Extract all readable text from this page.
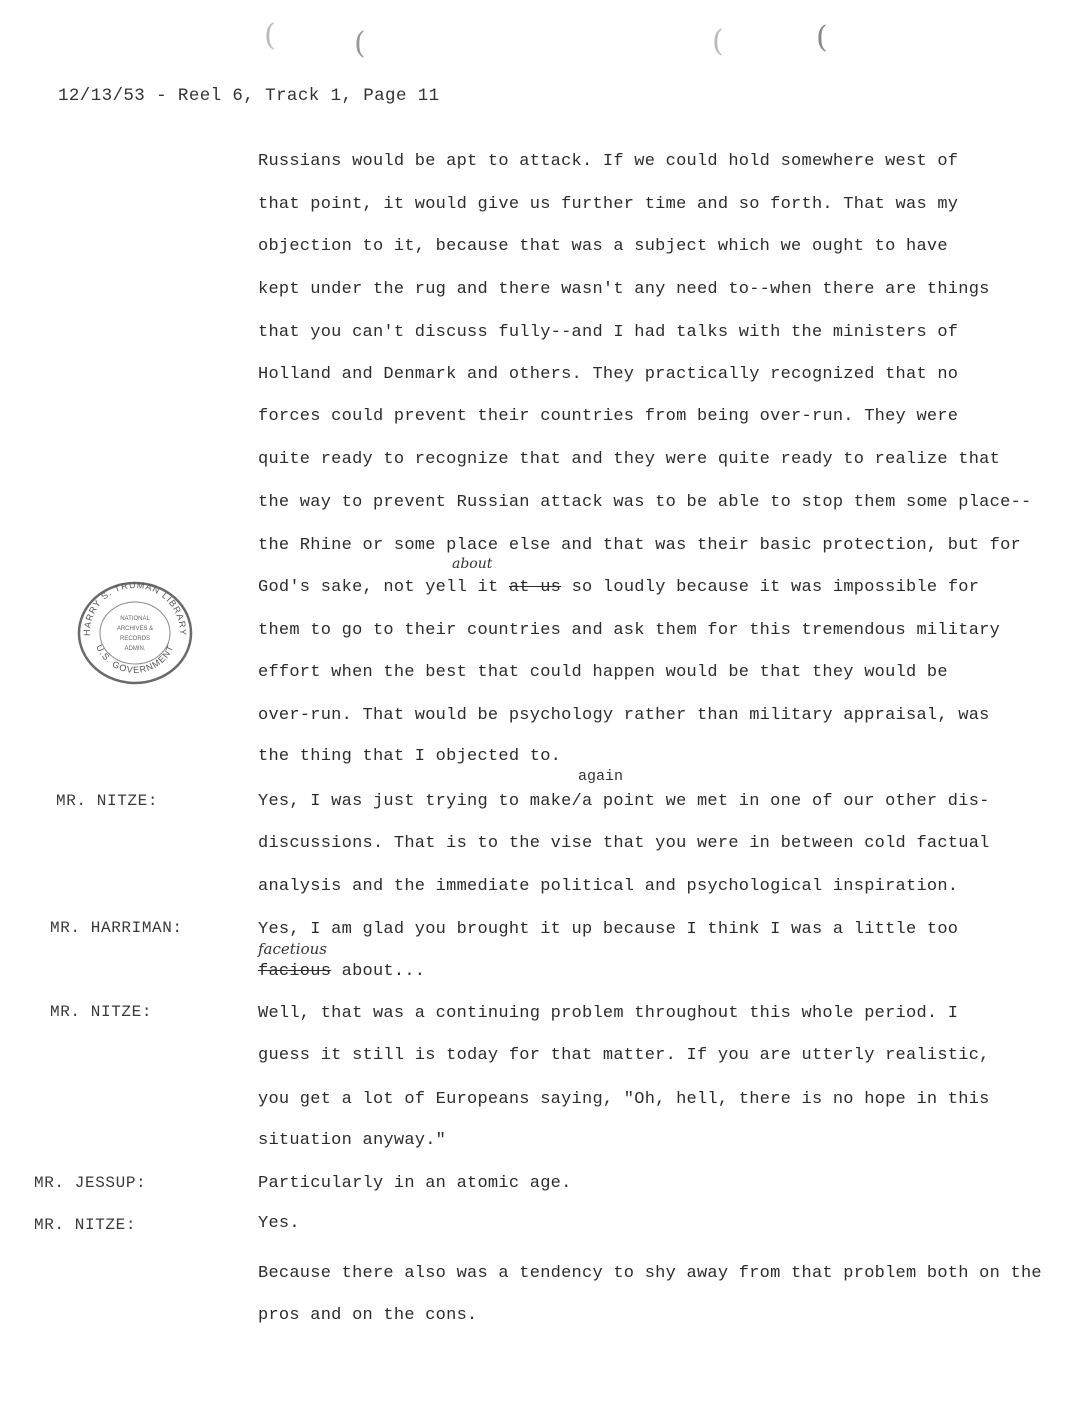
(	(	(	(
12/13/53 - Reel 6, Track 1, Page 11
Russians would be apt to attack. If we could hold somewhere west of
that point, it would give us further time and so forth. That was my
objection to it, because that was a subject which we ought to have
kept under the rug and there wasn't any need to--when there are things
that you can't discuss fully--and I had talks with the ministers of
Holland and Denmark and others. They practically recognized that no
forces could prevent their countries from being over-run. They were
quite ready to recognize that and they were quite ready to realize that
the way to prevent Russian attack was to be able to stop them some place--
the Rhine or some place else and that was their basic protection, but for
about
God's sake, not yell it at us so loudly because it was impossible for
them to go to their countries and ask them for this tremendous military
effort when the best that could happen would be that they would be
over-run. That would be psychology rather than military appraisal, was
the thing that I objected to.
MR. NITZE:
again
Yes, I was just trying to make/a point we met in one of our other dis-
discussions. That is to the vise that you were in between cold factual
analysis and the immediate political and psychological inspiration.
MR. HARRIMAN:	Yes, I am glad you brought it up because I think I was a little too
facetious
facious about...
MR. NITZE:	Well, that was a continuing problem throughout this whole period. I
guess it still is today for that matter. If you are utterly realistic,
you get a lot of Europeans saying, "Oh, hell, there is no hope in this
situation anyway."
MR. JESSUP:	Particularly in an atomic age.
MR. NITZE:	Yes.
Because there also was a tendency to shy away from that problem both on the
pros and on the cons.
HARRY S. TRUMAN LIBRARY
U.S. GOVERNMENT
NATIONAL
ARCHIVES &
RECORDS
ADMIN.
